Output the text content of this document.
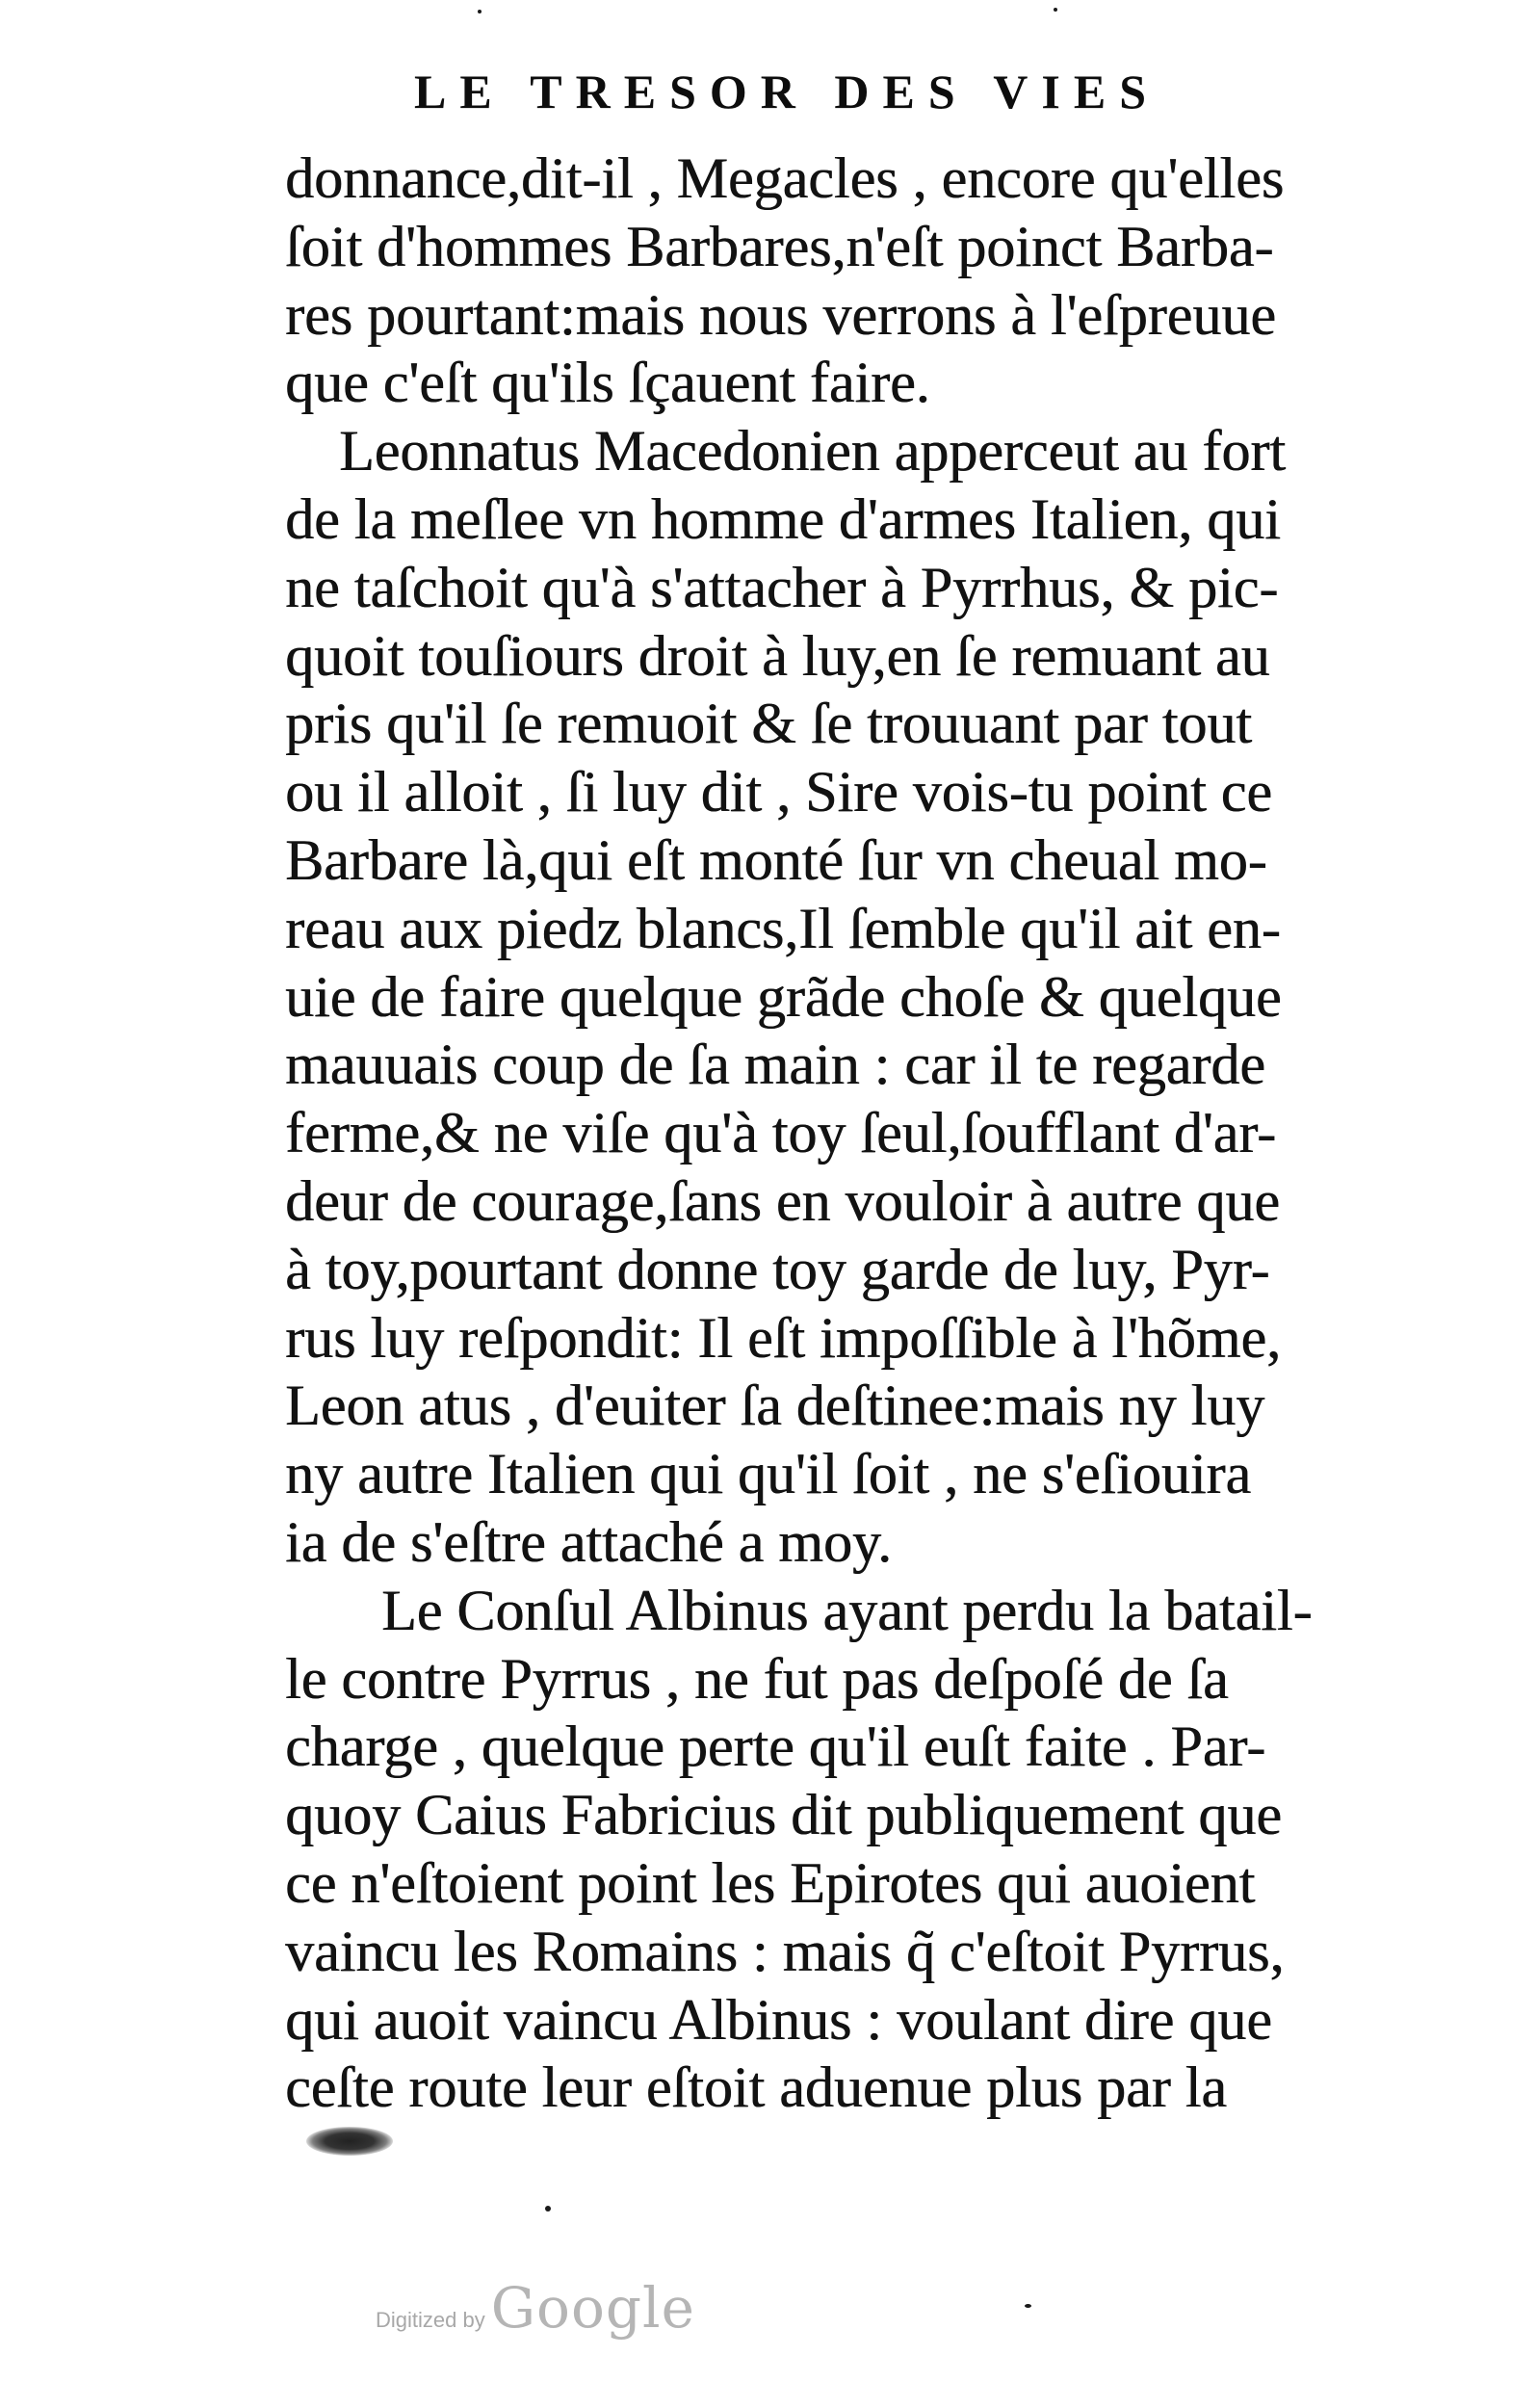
LE TRESOR DES VIES
donnance,dit-il , Megacles , encore qu'elles
ſoit d'hommes Barbares,n'eſt poinct Barba-
res pourtant:mais nous verrons à l'eſpreuue
que c'eſt qu'ils ſçauent faire.
Leonnatus Macedonien apperceut au fort
de la meſlee vn homme d'armes Italien, qui
ne taſchoit qu'à s'attacher à Pyrrhus, & pic-
quoit touſiours droit à luy,en ſe remuant au
pris qu'il ſe remuoit & ſe trouuant par tout
ou il alloit , ſi luy dit , Sire vois-tu point ce
Barbare là,qui eſt monté ſur vn cheual mo-
reau aux piedz blancs,Il ſemble qu'il ait en-
uie de faire quelque grãde choſe & quelque
mauuais coup de ſa main : car il te regarde
ferme,& ne viſe qu'à toy ſeul,ſoufflant d'ar-
deur de courage,ſans en vouloir à autre que
à toy,pourtant donne toy garde de luy, Pyr-
rus luy reſpondit: Il eſt impoſſible à l'hõme,
Leon atus , d'euiter ſa deſtinee:mais ny luy
ny autre Italien qui qu'il ſoit , ne s'eſiouira
ia de s'eſtre attaché a moy.
Le Conſul Albinus ayant perdu la batail-
le contre Pyrrus , ne fut pas deſpoſé de ſa
charge , quelque perte qu'il euſt faite . Par-
quoy Caius Fabricius dit publiquement que
ce n'eſtoient point les Epirotes qui auoient
vaincu les Romains : mais q̃ c'eſtoit Pyrrus,
qui auoit vaincu Albinus : voulant dire que
ceſte route leur eſtoit aduenue plus par la
Digitized by Google
